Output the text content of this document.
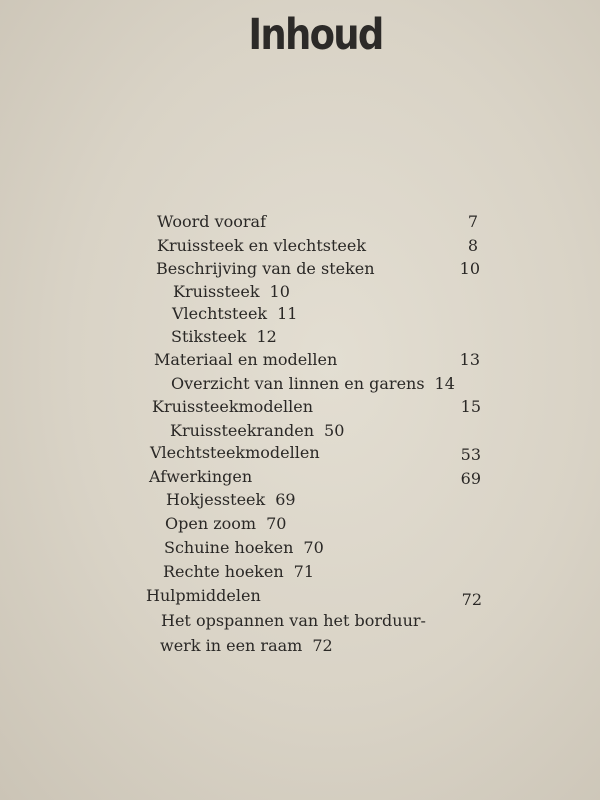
Inhoud
Woord vooraf	7
Kruissteek en vlechtsteek	8
Beschrijving van de steken	10
Kruissteek 10
Vlechtsteek 11
Stiksteek 12
Materiaal en modellen	13
Overzicht van linnen en garens 14
Kruissteekmodellen	15
Kruissteekranden 50
Vlechtsteekmodellen	53
Afwerkingen	69
Hokjessteek 69
Open zoom 70
Schuine hoeken 70
Rechte hoeken 71
Hulpmiddelen	72
Het opspannen van het borduur-
werk in een raam 72
